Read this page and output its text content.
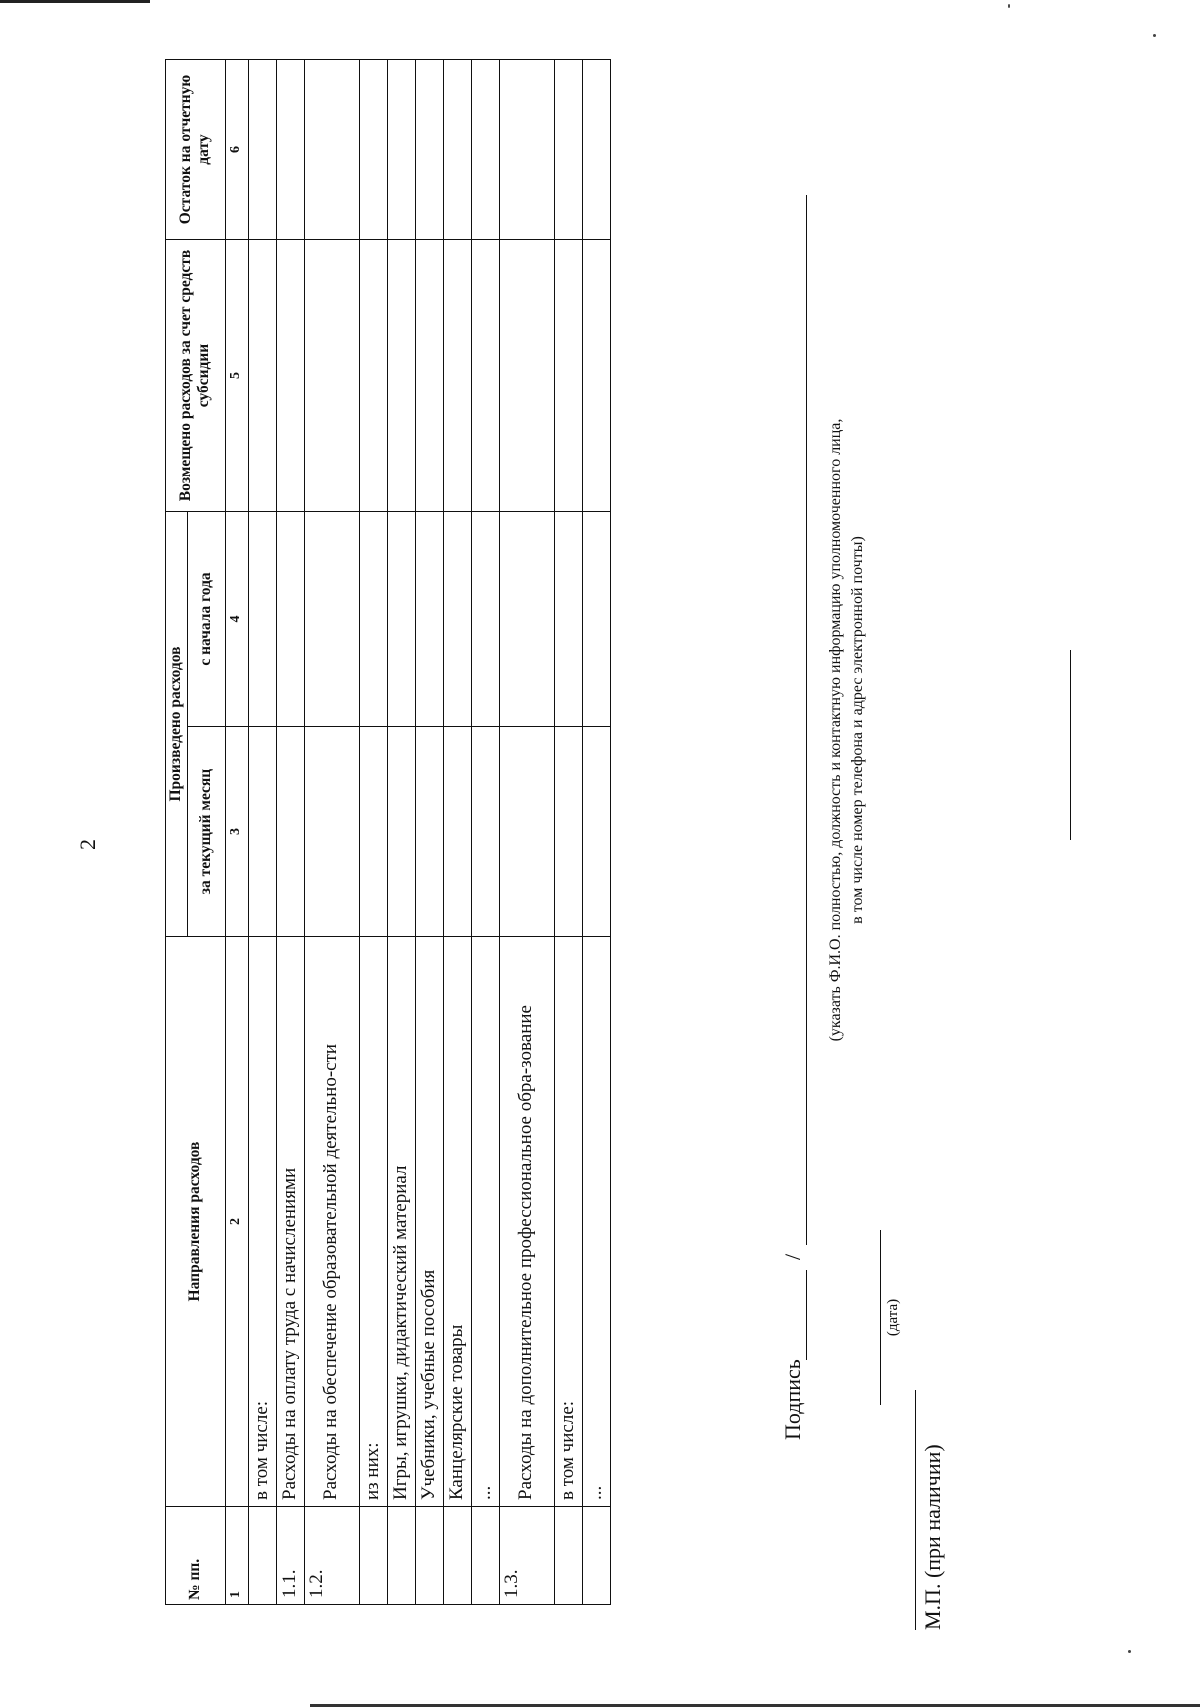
2
№ пп.	Направления расходов	Произведено расходов		Возмещено расходов за счет средств субсидии	Остаток на отчетную дату
		за текущий месяц	с начала года		
1	2	3	4	5	6
	в том числе:				
1.1.	Расходы на оплату труда с начислениями				
1.2.	Расходы на обеспечение образовательной деятельно-сти				
	из них:				
	Игры, игрушки, дидактический материал				
	Учебники, учебные пособия				
	Канцелярские товары				
	...				
1.3.	Расходы на дополнительное профессиональное обра-зование				
	в том числе:				
	...				
Подпись
/
(указать Ф.И.О. полностью, должность и контактную информацию уполномоченного лица, в том числе номер телефона и адрес электронной почты)
(дата)
М.П. (при наличии)
